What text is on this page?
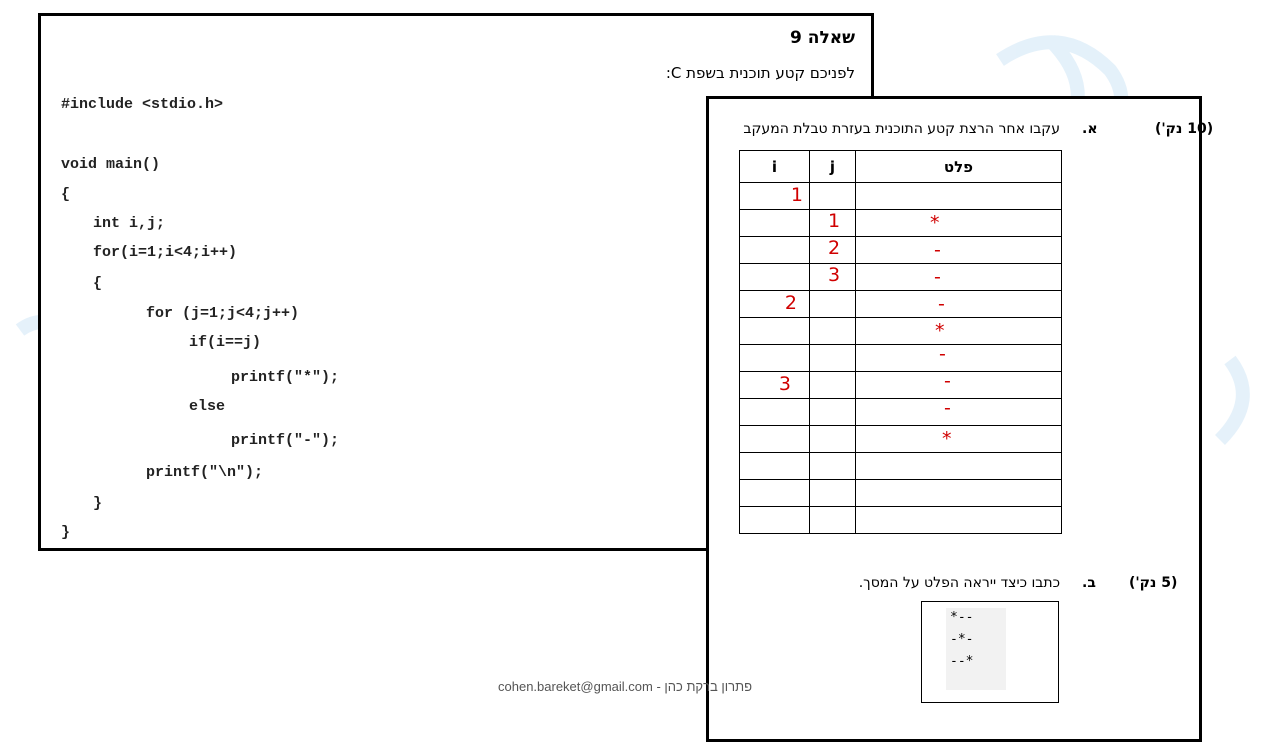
שאלה 9
לפניכם קטע תוכנית בשפת C:
#include <stdio.h>
void main()
{
int i,j;
for(i=1;i<4;i++)
{
for (j=1;j<4;j++)
if(i==j)
printf("*");
else
printf("-");
printf("\n");
}
}
(10 נק')
א.
עקבו אחר הרצת קטע התוכנית בעזרת טבלת המעקב
i	j	פלט

1		

	1	*

	2	-

	3	-

2		-

		*

		-

3		-

		-

		*

(5 נק')
ב.
כתבו כיצד ייראה הפלט על המסך.
*--
-*-
--*
cohen.bareket@gmail.com - פתרון ברקת כהן
